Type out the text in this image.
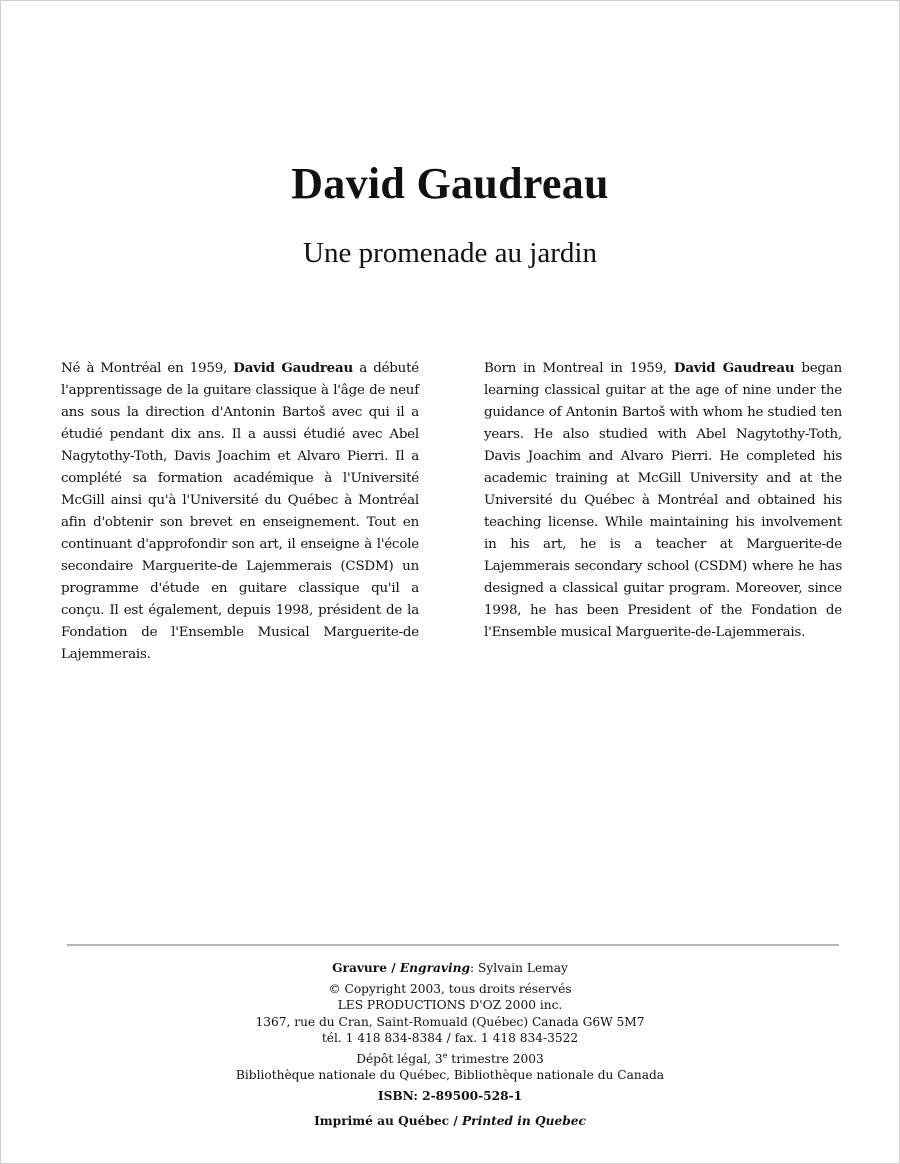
David Gaudreau
Une promenade au jardin
Né à Montréal en 1959, David Gaudreau a débuté l'apprentissage de la guitare classique à l'âge de neuf ans sous la direction d'Antonin Bartoš avec qui il a étudié pendant dix ans. Il a aussi étudié avec Abel Nagytothy-Toth, Davis Joachim et Alvaro Pierri. Il a complété sa formation académique à l'Université McGill ainsi qu'à l'Université du Québec à Montréal afin d'obtenir son brevet en enseignement. Tout en continuant d'approfondir son art, il enseigne à l'école secondaire Marguerite-de Lajemmerais (CSDM) un programme d'étude en guitare classique qu'il a conçu. Il est également, depuis 1998, président de la Fondation de l'Ensemble Musical Marguerite-de Lajemmerais.
Born in Montreal in 1959, David Gaudreau began learning classical guitar at the age of nine under the guidance of Antonin Bartoš with whom he studied ten years. He also studied with Abel Nagytothy-Toth, Davis Joachim and Alvaro Pierri. He completed his academic training at McGill University and at the Université du Québec à Montréal and obtained his teaching license. While maintaining his involvement in his art, he is a teacher at Marguerite-de Lajemmerais secondary school (CSDM) where he has designed a classical guitar program. Moreover, since 1998, he has been President of the Fondation de l'Ensemble musical Marguerite-de-Lajemmerais.
Gravure / Engraving: Sylvain Lemay
© Copyright 2003, tous droits réservés
LES PRODUCTIONS D'OZ 2000 inc.
1367, rue du Cran, Saint-Romuald (Québec) Canada G6W 5M7
tél. 1 418 834-8384 / fax. 1 418 834-3522
Dépôt légal, 3e trimestre 2003
Bibliothèque nationale du Québec, Bibliothèque nationale du Canada
ISBN: 2-89500-528-1
Imprimé au Québec / Printed in Quebec
